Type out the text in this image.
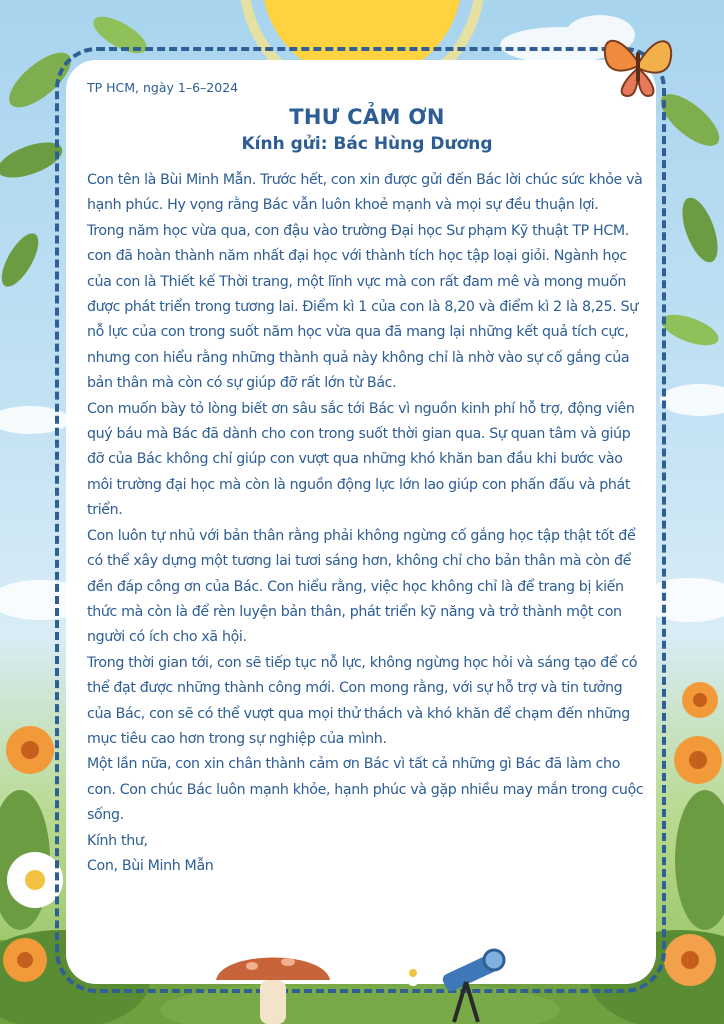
TP HCM, ngày 1–6–2024

THƯ CẢM ƠN
Kính gửi: Bác Hùng Dương

Con tên là Bùi Minh Mẫn. Trước hết, con xin được gửi đến Bác lời chúc sức khỏe và hạnh phúc. Hy vọng rằng Bác vẫn luôn khoẻ mạnh và mọi sự đều thuận lợi.

Trong năm học vừa qua, con đậu vào trường Đại học Sư phạm Kỹ thuật TP HCM. con đã hoàn thành năm nhất đại học với thành tích học tập loại giỏi. Ngành học của con là Thiết kế Thời trang, một lĩnh vực mà con rất đam mê và mong muốn được phát triển trong tương lai. Điểm kì 1 của con là 8,20 và điểm kì 2 là 8,25. Sự nỗ lực của con trong suốt năm học vừa qua đã mang lại những kết quả tích cực, nhưng con hiểu rằng những thành quả này không chỉ là nhờ vào sự cố gắng của bản thân mà còn có sự giúp đỡ rất lớn từ Bác.

Con muốn bày tỏ lòng biết ơn sâu sắc tới Bác vì nguồn kinh phí hỗ trợ, động viên quý báu mà Bác đã dành cho con trong suốt thời gian qua. Sự quan tâm và giúp đỡ của Bác không chỉ giúp con vượt qua những khó khăn ban đầu khi bước vào môi trường đại học mà còn là nguồn động lực lớn lao giúp con phấn đấu và phát triển.

Con luôn tự nhủ với bản thân rằng phải không ngừng cố gắng học tập thật tốt để có thể xây dựng một tương lai tươi sáng hơn, không chỉ cho bản thân mà còn để đền đáp công ơn của Bác. Con hiểu rằng, việc học không chỉ là để trang bị kiến thức mà còn là để rèn luyện bản thân, phát triển kỹ năng và trở thành một con người có ích cho xã hội.

Trong thời gian tới, con sẽ tiếp tục nỗ lực, không ngừng học hỏi và sáng tạo để có thể đạt được những thành công mới. Con mong rằng, với sự hỗ trợ và tin tưởng của Bác, con sẽ có thể vượt qua mọi thử thách và khó khăn để chạm đến những mục tiêu cao hơn trong sự nghiệp của mình.

Một lần nữa, con xin chân thành cảm ơn Bác vì tất cả những gì Bác đã làm cho con. Con chúc Bác luôn mạnh khỏe, hạnh phúc và gặp nhiều may mắn trong cuộc sống.

Kính thư,

Con, Bùi Minh Mẫn
